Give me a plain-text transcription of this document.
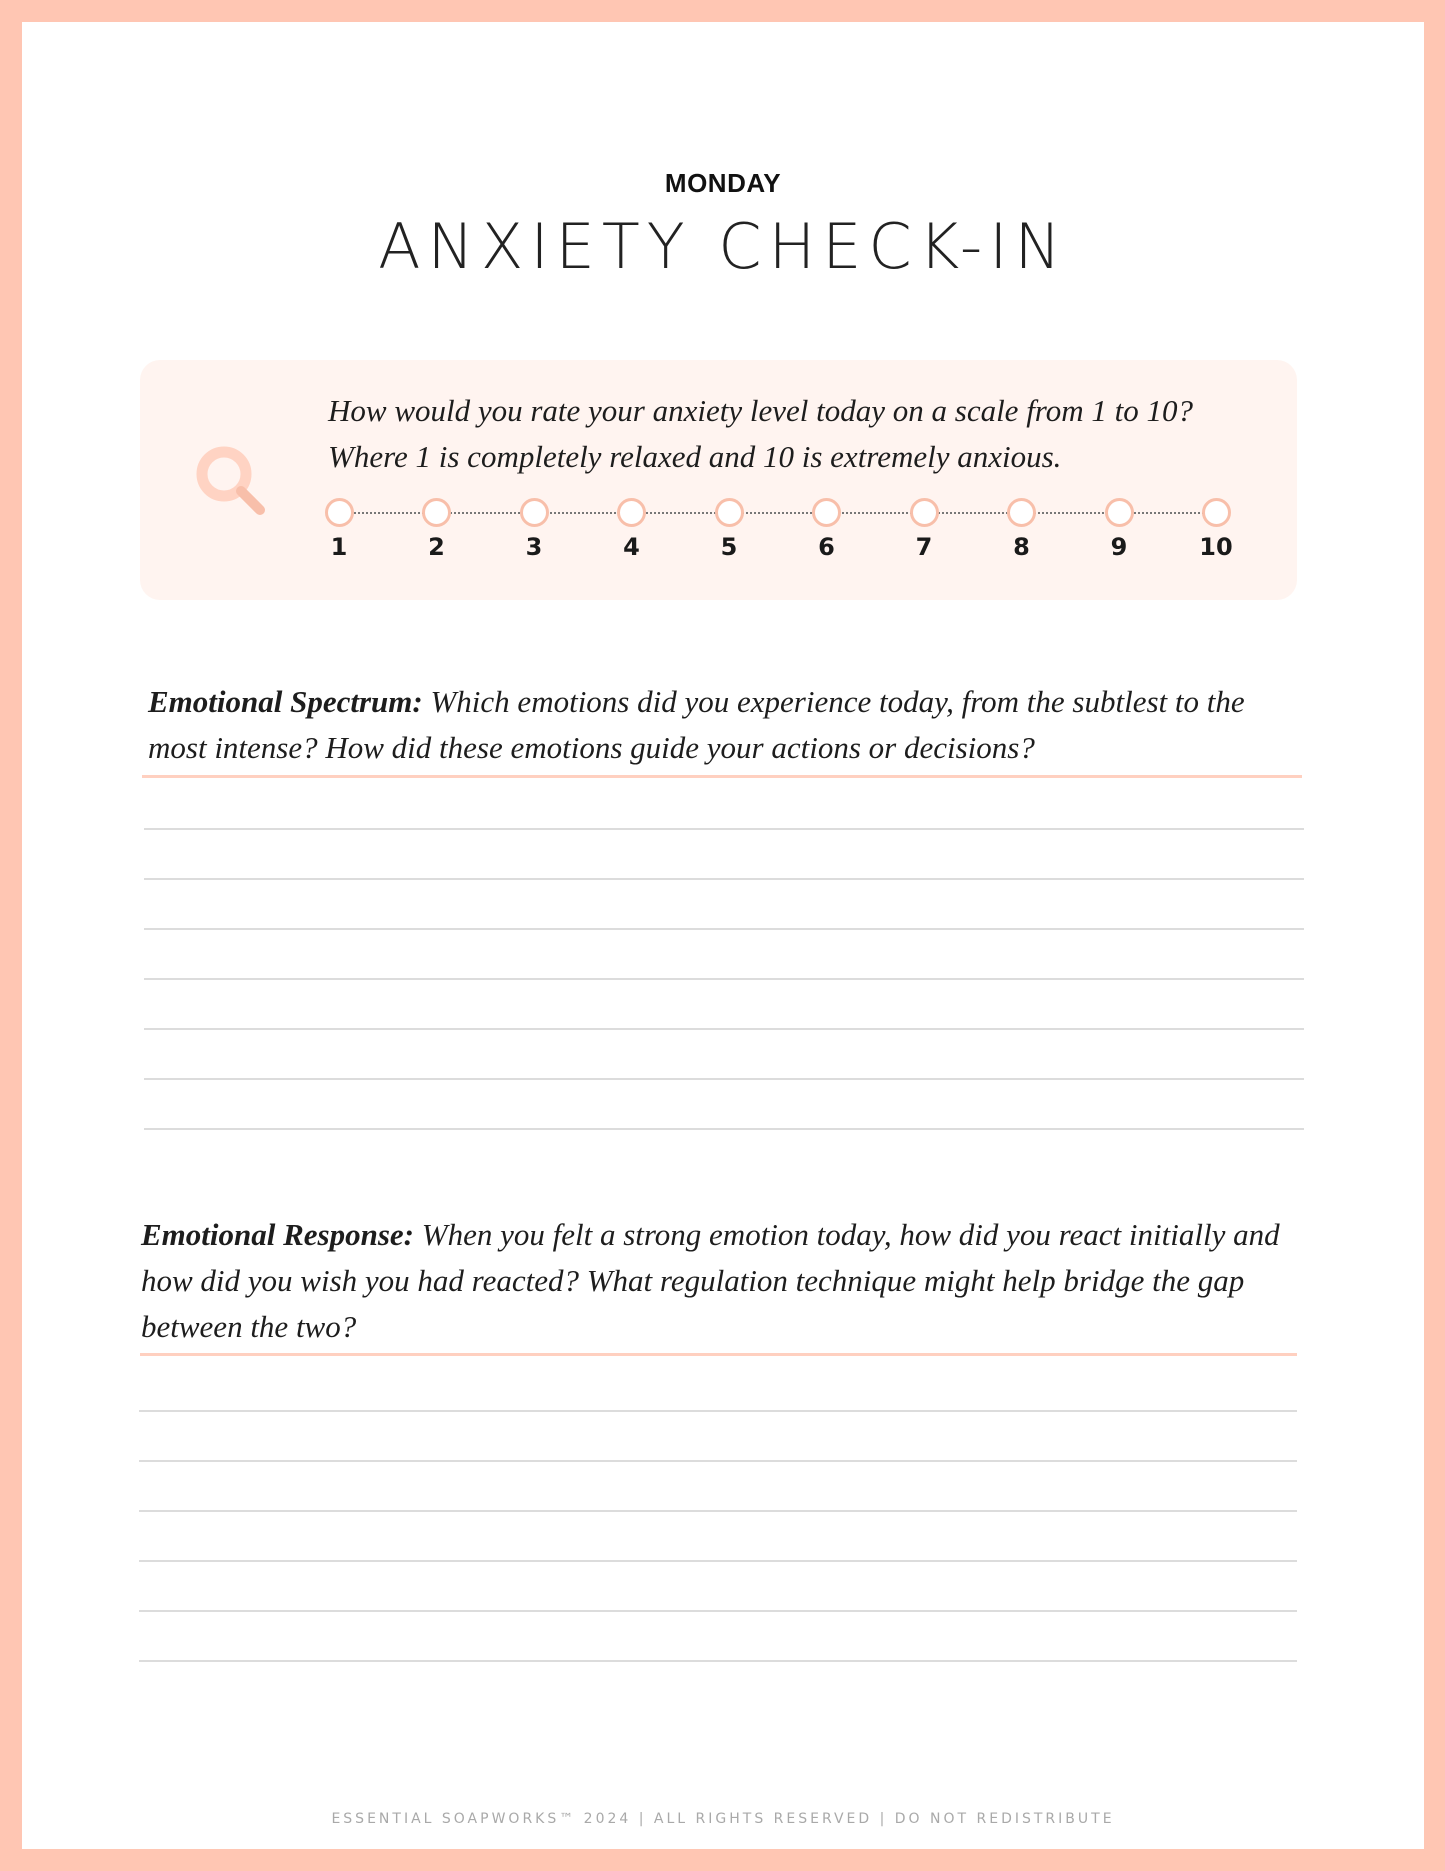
MONDAY
ANXIETY CHECK-IN
How would you rate your anxiety level today on a scale from 1 to 10? Where 1 is completely relaxed and 10 is extremely anxious.
1	2	3	4	5	6	7	8	9	10
Emotional Spectrum: Which emotions did you experience today, from the subtlest to the most intense? How did these emotions guide your actions or decisions?
Emotional Response: When you felt a strong emotion today, how did you react initially and how did you wish you had reacted? What regulation technique might help bridge the gap between the two?
ESSENTIAL SOAPWORKS™ 2024 | ALL RIGHTS RESERVED | DO NOT REDISTRIBUTE
